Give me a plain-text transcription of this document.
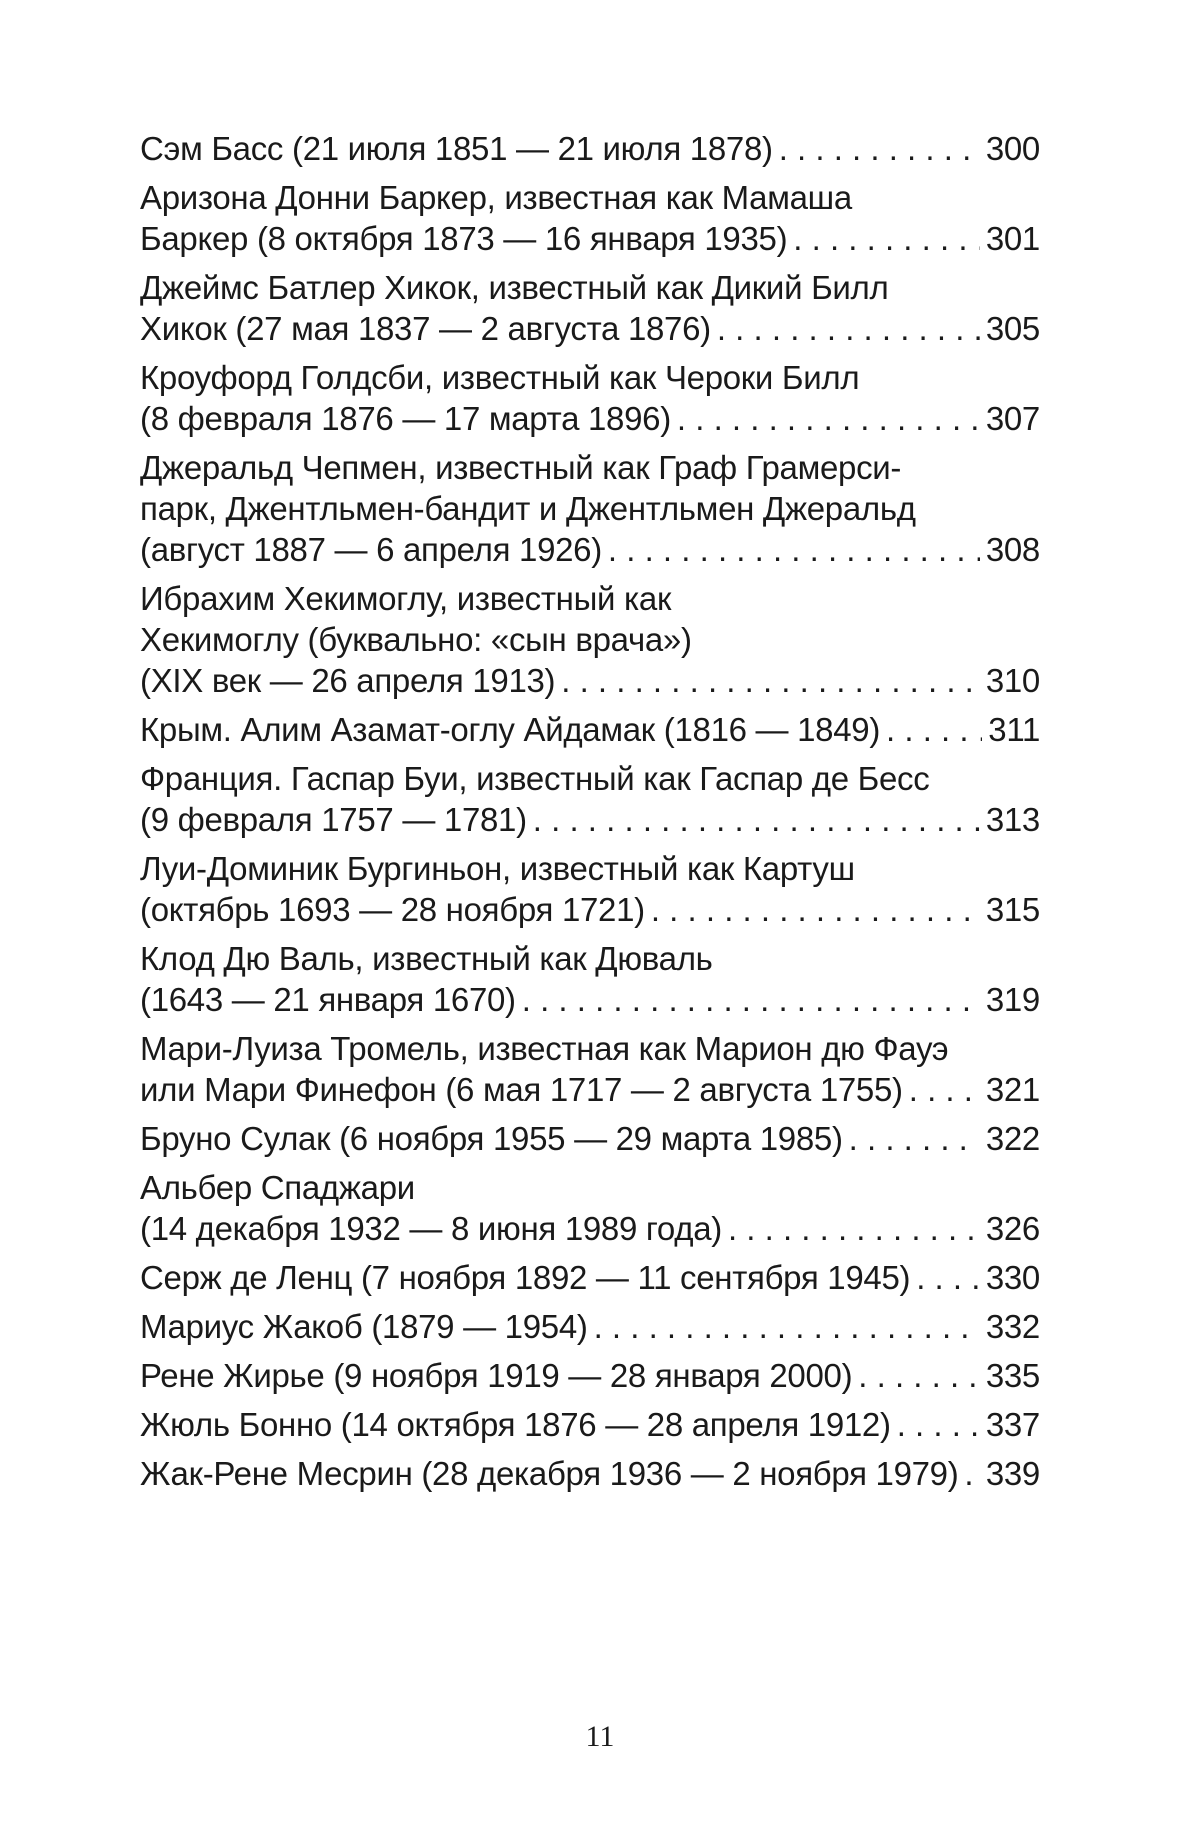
Сэм Басс (21 июля 1851 — 21 июля 1878) . . .	300
Аризона Донни Баркер, известная как Мамаша
Баркер (8 октября 1873 — 16 января 1935) . . .	301
Джеймс Батлер Хикок, известный как Дикий Билл
Хикок (27 мая 1837 — 2 августа 1876) . . .	305
Кроуфорд Голдсби, известный как Чероки Билл
(8 февраля 1876 — 17 марта 1896) . . .	307
Джеральд Чепмен, известный как Граф Грамерси-
парк, Джентльмен-бандит и Джентльмен Джеральд
(август 1887 — 6 апреля 1926) . . .	308
Ибрахим Хекимоглу, известный как
Хекимоглу (буквально: «сын врача»)
(XIX век — 26 апреля 1913) . . .	310
Крым. Алим Азамат-оглу Айдамак (1816 — 1849) . . .	311
Франция. Гаспар Буи, известный как Гаспар де Бесс
(9 февраля 1757 — 1781) . . .	313
Луи-Доминик Бургиньон, известный как Картуш
(октябрь 1693 — 28 ноября 1721) . . .	315
Клод Дю Валь, известный как Дюваль
(1643 — 21 января 1670) . . .	319
Мари-Луиза Тромель, известная как Марион дю Фауэ
или Мари Финефон (6 мая 1717 — 2 августа 1755) . . .	321
Бруно Сулак (6 ноября 1955 — 29 марта 1985) . . .	322
Альбер Спаджари
(14 декабря 1932 — 8 июня 1989 года) . . .	326
Серж де Ленц (7 ноября 1892 — 11 сентября 1945) . . . 330
Мариус Жакоб (1879 — 1954) . . .	332
Рене Жирье (9 ноября 1919 — 28 января 2000) . . .	335
Жюль Бонно (14 октября 1876 — 28 апреля 1912) . . .	337
Жак-Рене Месрин (28 декабря 1936 — 2 ноября 1979) . . . 339
11
